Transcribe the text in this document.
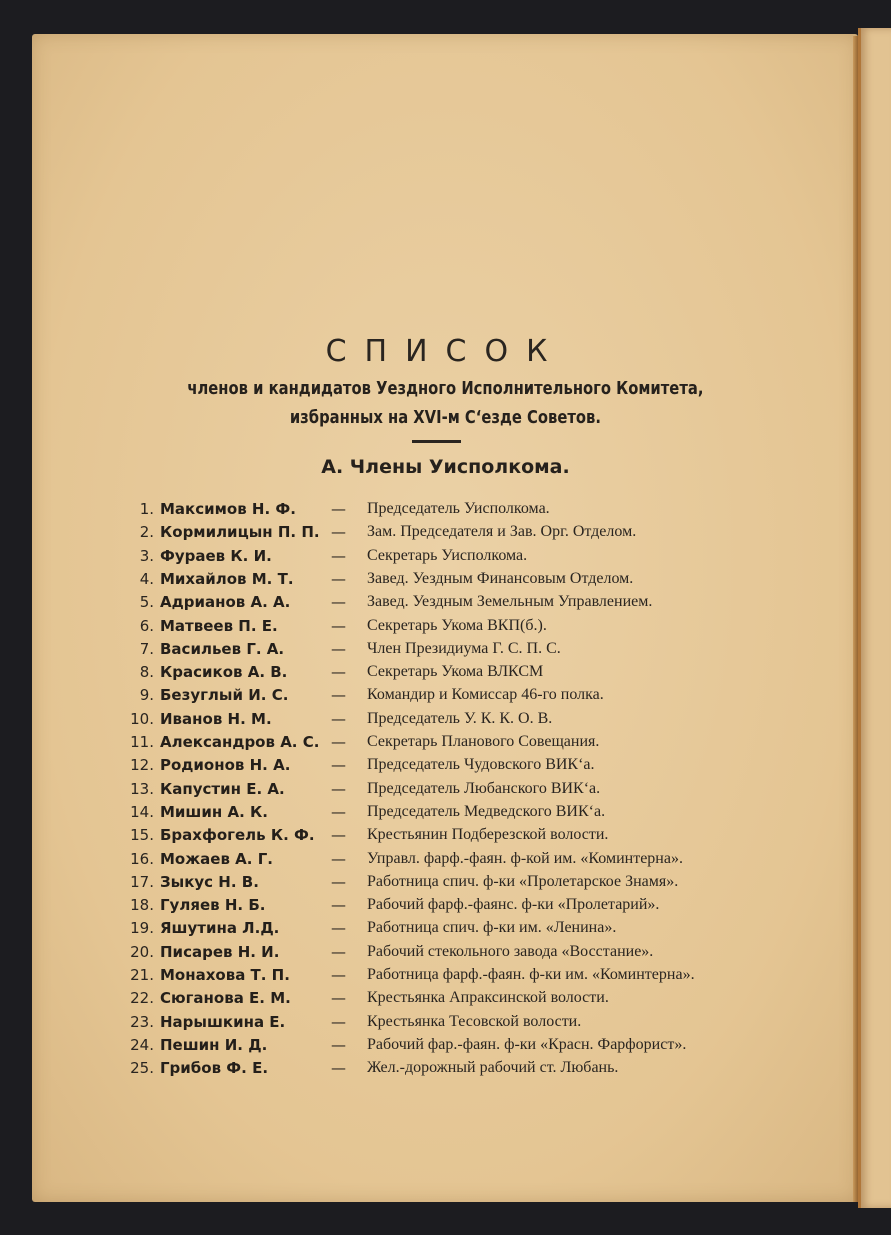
СПИСОК
членов и кандидатов Уездного Исполнительного Комитета,
избранных на XVI-м С‘езде Советов.
А. Члены Уисполкома.
1. Максимов Н. Ф. — Председатель Уисполкома.
2. Кормилицын П. П. — Зам. Председателя и Зав. Орг. Отделом.
3. Фураев К. И.	— Секретарь Уисполкома.
4. Михайлов М. Т. — Завед. Уездным Финансовым Отделом.
5. Адрианов А. А.	— Завед. Уездным Земельным Управлением.
6. Матвеев П. Е.	— Секретарь Укома ВКП(б.).
7. Васильев Г. А.	— Член Президиума Г. С. П. С.
8. Красиков А. В.	— Секретарь Укома ВЛКСМ
9. Безуглый И. С.	— Командир и Комиссар 46-го полка.
10. Иванов Н. М.	— Председатель У. К. К. О. В.
11. Александров А. С. — Секретарь Планового Совещания.
12. Родионов Н. А.	— Председатель Чудовского ВИК‘а.
13. Капустин Е. А.	— Председатель Любанского ВИК‘а.
14. Мишин А. К.	— Председатель Медведского ВИК‘а.
15. Брахфогель К. Ф. — Крестьянин Подберезской волости.
16. Можаев А. Г.	— Управл. фарф.-фаян. ф-кой им. «Коминтерна».
17. Зыкус Н. В.	— Работница спич. ф-ки «Пролетарское Знамя».
18. Гуляев Н. Б.	— Рабочий фарф.-фаянс. ф-ки «Пролетарий».
19. Яшутина Л.Д.	— Работница спич. ф-ки им. «Ленина».
20. Писарев Н. И.	— Рабочий стекольного завода «Восстание».
21. Монахова Т. П.	— Работница фарф.-фаян. ф-ки им. «Коминтерна».
22. Сюганова Е. М.	— Крестьянка Апраксинской волости.
23. Нарышкина Е.	— Крестьянка Тесовской волости.
24. Пешин И. Д.	— Рабочий фар.-фаян. ф-ки «Красн. Фарфорист».
25. Грибов Ф. Е.	— Жел.-дорожный рабочий ст. Любань.
